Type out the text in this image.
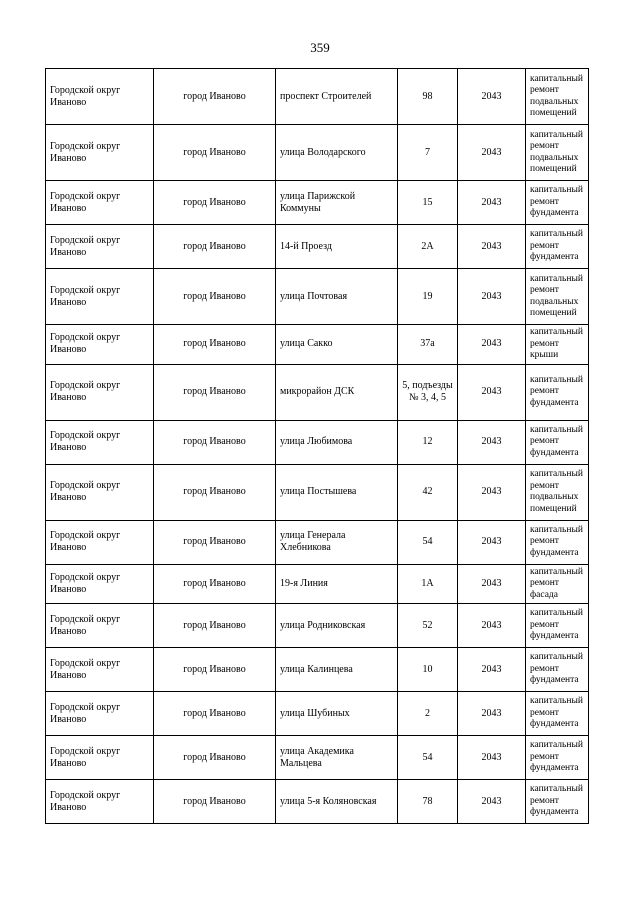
359
Городской округ Иваново	город Иваново	проспект Строителей	98	2043	капитальный ремонт подвальных помещений
Городской округ Иваново	город Иваново	улица Володарского	7	2043	капитальный ремонт подвальных помещений
Городской округ Иваново	город Иваново	улица Парижской Коммуны	15	2043	капитальный ремонт фундамента
Городской округ Иваново	город Иваново	14-й Проезд	2А	2043	капитальный ремонт фундамента
Городской округ Иваново	город Иваново	улица Почтовая	19	2043	капитальный ремонт подвальных помещений
Городской округ Иваново	город Иваново	улица Сакко	37а	2043	капитальный ремонт крыши
Городской округ Иваново	город Иваново	микрорайон ДСК	5, подъезды № 3, 4, 5	2043	капитальный ремонт фундамента
Городской округ Иваново	город Иваново	улица Любимова	12	2043	капитальный ремонт фундамента
Городской округ Иваново	город Иваново	улица Постышева	42	2043	капитальный ремонт подвальных помещений
Городской округ Иваново	город Иваново	улица Генерала Хлебникова	54	2043	капитальный ремонт фундамента
Городской округ Иваново	город Иваново	19-я Линия	1А	2043	капитальный ремонт фасада
Городской округ Иваново	город Иваново	улица Родниковская	52	2043	капитальный ремонт фундамента
Городской округ Иваново	город Иваново	улица Калинцева	10	2043	капитальный ремонт фундамента
Городской округ Иваново	город Иваново	улица Шубиных	2	2043	капитальный ремонт фундамента
Городской округ Иваново	город Иваново	улица Академика Мальцева	54	2043	капитальный ремонт фундамента
Городской округ Иваново	город Иваново	улица 5-я Коляновская	78	2043	капитальный ремонт фундамента
